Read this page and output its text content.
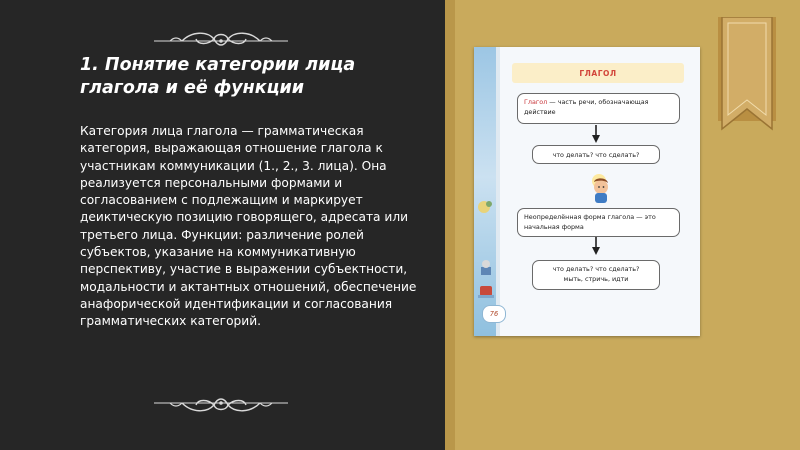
1. Понятие категории лица глагола и её функции

Категория лица глагола — грамматическая категория, выражающая отношение глагола к участникам коммуникации (1., 2., 3. лица). Она реализуется персональными формами и согласованием с подлежащим и маркирует деиктическую позицию говорящего, адресата или третьего лица. Функции: различение ролей субъектов, указание на коммуникативную перспективу, участие в выражении субъектности, модальности и актантных отношений, обеспечение анафорической идентификации и согласования грамматических категорий.

ГЛАГОЛ
Глагол — часть речи, обозначающая действие
что делать? что сделать?
Неопределённая форма глагола — это начальная форма
что делать? что сделать?
мыть, стричь, идти
76
